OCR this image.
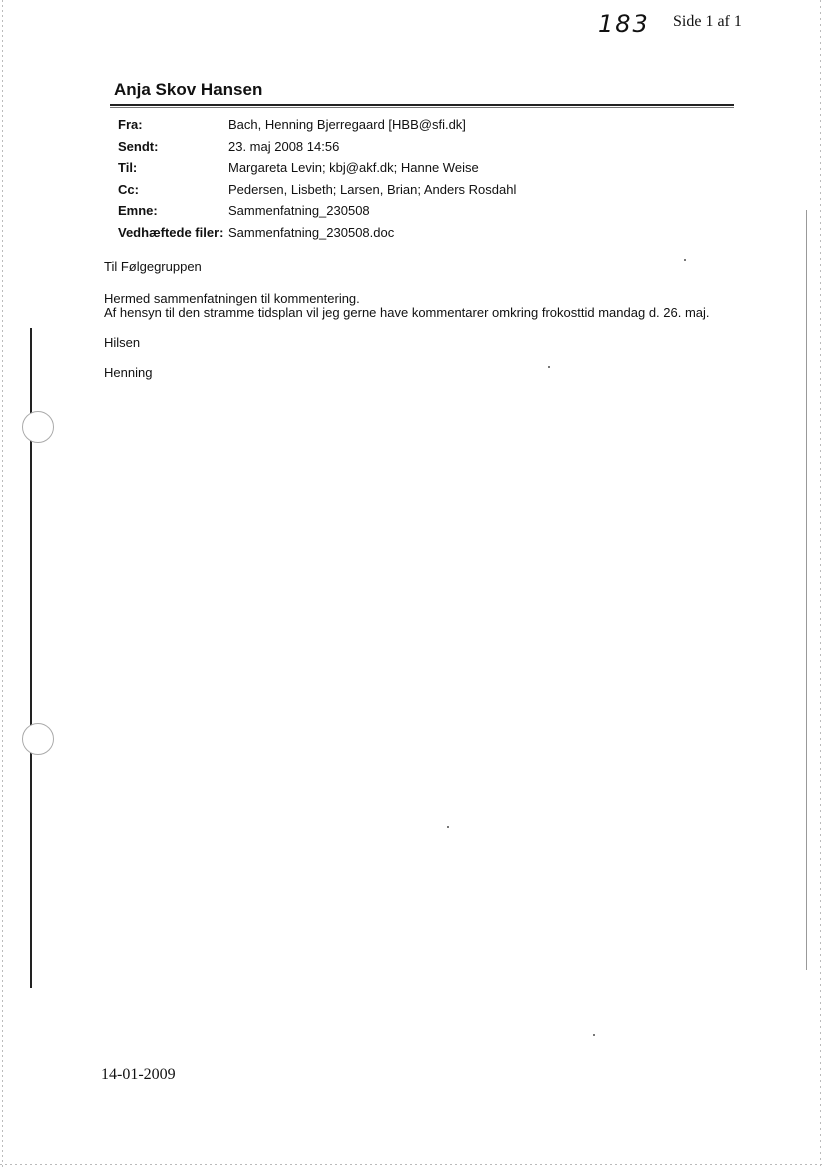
183 Side 1 af 1
Anja Skov Hansen
Fra:	Bach, Henning Bjerregaard [HBB@sfi.dk]
Sendt:	23. maj 2008 14:56
Til:	Margareta Levin; kbj@akf.dk; Hanne Weise
Cc:	Pedersen, Lisbeth; Larsen, Brian; Anders Rosdahl
Emne:	Sammenfatning_230508
Vedhæftede filer: Sammenfatning_230508.doc
Til Følgegruppen
Hermed sammenfatningen til kommentering.
Af hensyn til den stramme tidsplan vil jeg gerne have kommentarer omkring frokosttid mandag d. 26. maj.
Hilsen
Henning
14-01-2009
